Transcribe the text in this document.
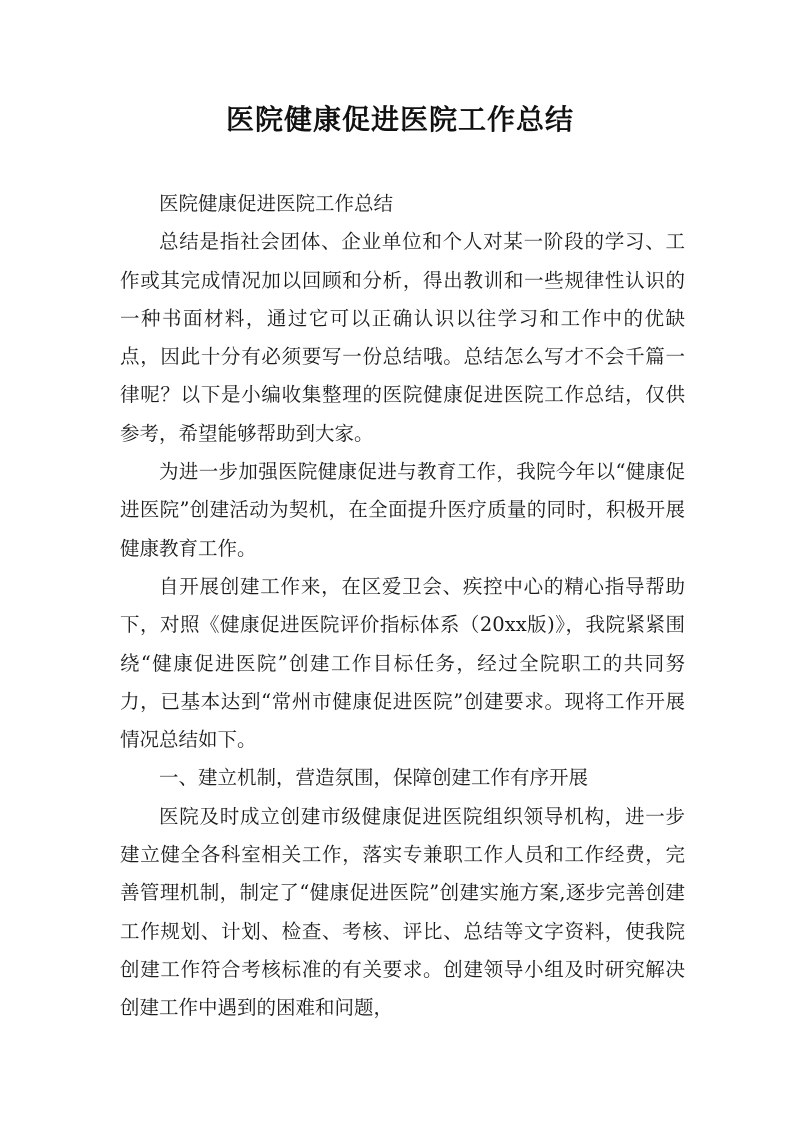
医院健康促进医院工作总结

医院健康促进医院工作总结

总结是指社会团体、企业单位和个人对某一阶段的学习、工作或其完成情况加以回顾和分析，得出教训和一些规律性认识的一种书面材料，通过它可以正确认识以往学习和工作中的优缺点，因此十分有必须要写一份总结哦。总结怎么写才不会千篇一律呢？以下是小编收集整理的医院健康促进医院工作总结，仅供参考，希望能够帮助到大家。

为进一步加强医院健康促进与教育工作，我院今年以“健康促进医院”创建活动为契机，在全面提升医疗质量的同时，积极开展健康教育工作。

自开展创建工作来，在区爱卫会、疾控中心的精心指导帮助下，对照《健康促进医院评价指标体系（20xx版)》，我院紧紧围绕“健康促进医院”创建工作目标任务，经过全院职工的共同努力，已基本达到“常州市健康促进医院”创建要求。现将工作开展情况总结如下。

一、建立机制，营造氛围，保障创建工作有序开展

医院及时成立创建市级健康促进医院组织领导机构，进一步建立健全各科室相关工作，落实专兼职工作人员和工作经费，完善管理机制，制定了“健康促进医院”创建实施方案,逐步完善创建工作规划、计划、检查、考核、评比、总结等文字资料，使我院创建工作符合考核标准的有关要求。创建领导小组及时研究解决创建工作中遇到的困难和问题，
